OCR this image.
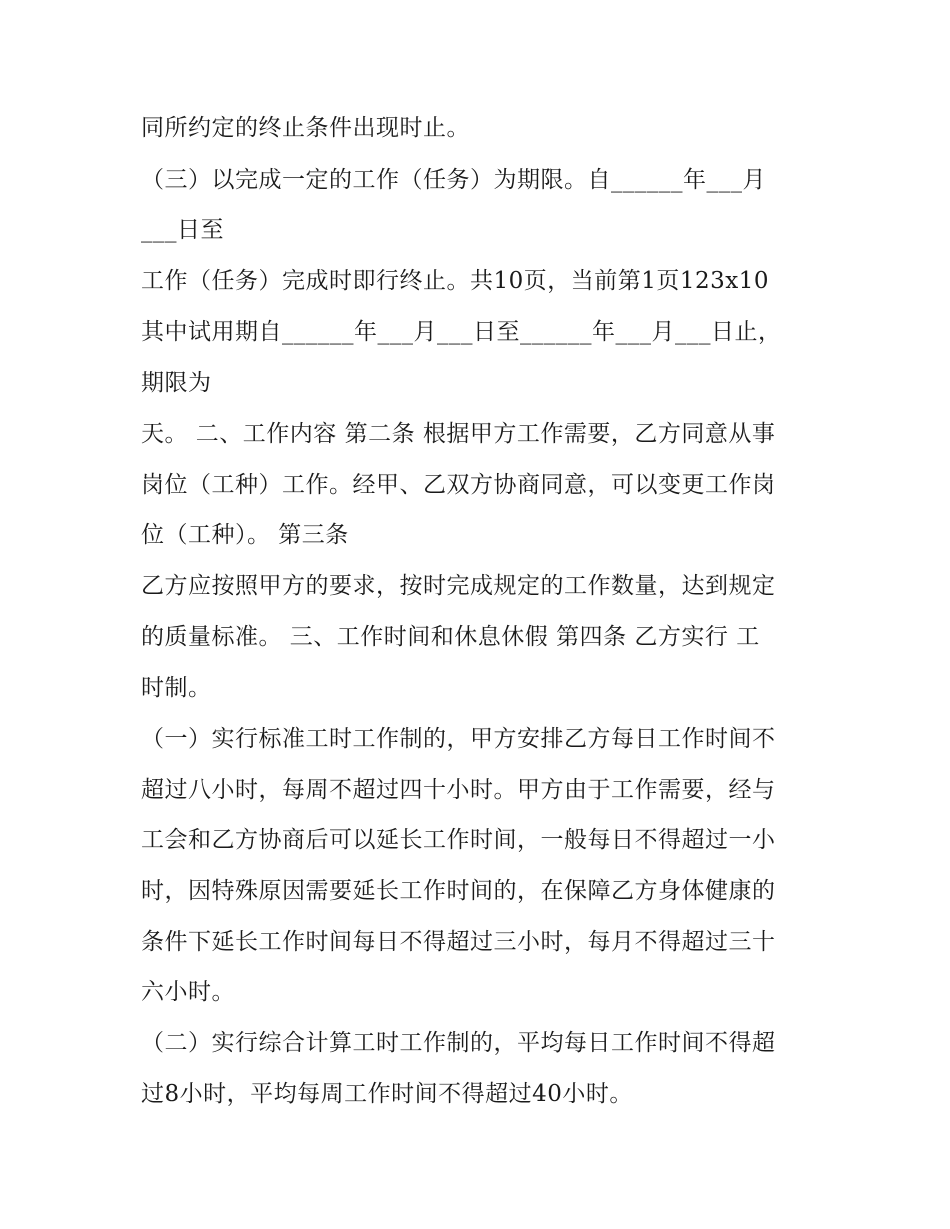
同所约定的终止条件出现时止。
（三）以完成一定的工作（任务）为期限。自______年___月
___日至
工作（任务）完成时即行终止。共10页，当前第1页123x10
其中试用期自______年___月___日至______年___月___日止，
期限为
天。 二、工作内容 第二条 根据甲方工作需要，乙方同意从事
岗位（工种）工作。经甲、乙双方协商同意，可以变更工作岗
位（工种）。 第三条
乙方应按照甲方的要求，按时完成规定的工作数量，达到规定
的质量标准。 三、工作时间和休息休假 第四条 乙方实行 工
时制。
（一）实行标准工时工作制的，甲方安排乙方每日工作时间不
超过八小时，每周不超过四十小时。甲方由于工作需要，经与
工会和乙方协商后可以延长工作时间，一般每日不得超过一小
时，因特殊原因需要延长工作时间的，在保障乙方身体健康的
条件下延长工作时间每日不得超过三小时，每月不得超过三十
六小时。
（二）实行综合计算工时工作制的，平均每日工作时间不得超
过8小时，平均每周工作时间不得超过40小时。
